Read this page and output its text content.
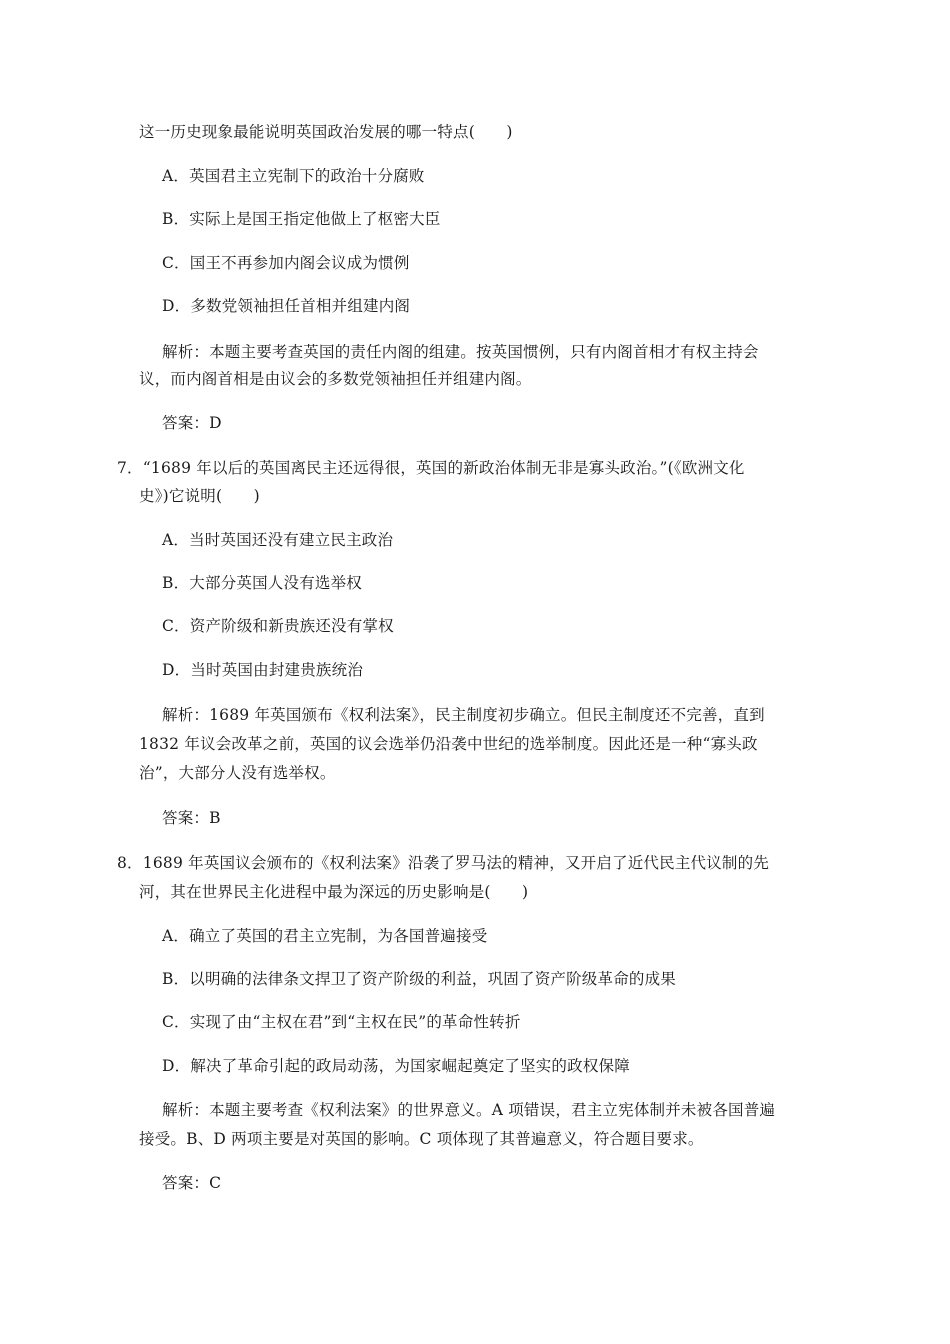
这一历史现象最能说明英国政治发展的哪一特点(　　)
A．英国君主立宪制下的政治十分腐败
B．实际上是国王指定他做上了枢密大臣
C．国王不再参加内阁会议成为惯例
D．多数党领袖担任首相并组建内阁
解析：本题主要考查英国的责任内阁的组建。按英国惯例，只有内阁首相才有权主持会
议，而内阁首相是由议会的多数党领袖担任并组建内阁。
答案：D
7．“1689 年以后的英国离民主还远得很，英国的新政治体制无非是寡头政治。”(《欧洲文化
史》)它说明(　　)
A．当时英国还没有建立民主政治
B．大部分英国人没有选举权
C．资产阶级和新贵族还没有掌权
D．当时英国由封建贵族统治
解析：1689 年英国颁布《权利法案》，民主制度初步确立。但民主制度还不完善，直到
1832 年议会改革之前，英国的议会选举仍沿袭中世纪的选举制度。因此还是一种“寡头政
治”，大部分人没有选举权。
答案：B
8．1689 年英国议会颁布的《权利法案》沿袭了罗马法的精神，又开启了近代民主代议制的先
河，其在世界民主化进程中最为深远的历史影响是(　　)
A．确立了英国的君主立宪制，为各国普遍接受
B．以明确的法律条文捍卫了资产阶级的利益，巩固了资产阶级革命的成果
C．实现了由“主权在君”到“主权在民”的革命性转折
D．解决了革命引起的政局动荡，为国家崛起奠定了坚实的政权保障
解析：本题主要考查《权利法案》的世界意义。A 项错误，君主立宪体制并未被各国普遍
接受。B、D 两项主要是对英国的影响。C 项体现了其普遍意义，符合题目要求。
答案：C
